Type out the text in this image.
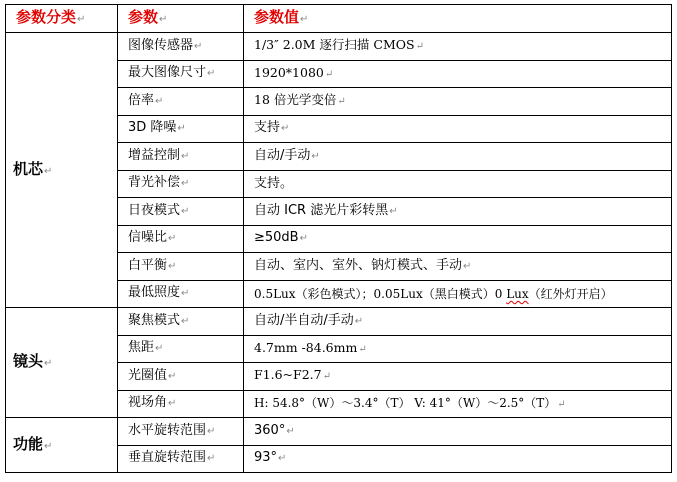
参数分类↵	参数↵	参数值↵
机芯↵	图像传感器↵	1/3″ 2.0M 逐行扫描 CMOS↵
	最大图像尺寸↵	1920*1080↵
	倍率↵	18 倍光学变倍↵
	3D 降噪↵	支持↵
	增益控制↵	自动/手动↵
	背光补偿↵	支持。
	日夜模式↵	自动 ICR 滤光片彩转黑↵
	信噪比↵	≥50dB↵
	白平衡↵	自动、室内、室外、钠灯模式、手动↵
	最低照度↵	0.5Lux（彩色模式）；0.05Lux（黑白模式）0 Lux（红外灯开启）
镜头↵	聚焦模式↵	自动/半自动/手动↵
	焦距↵	4.7mm -84.6mm↵
	光圈值↵	F1.6~F2.7↵
	视场角↵	H: 54.8°（W）～3.4°（T） V: 41°（W）～2.5°（T）↵
功能↵	水平旋转范围↵	360°↵
	垂直旋转范围↵	93°↵
